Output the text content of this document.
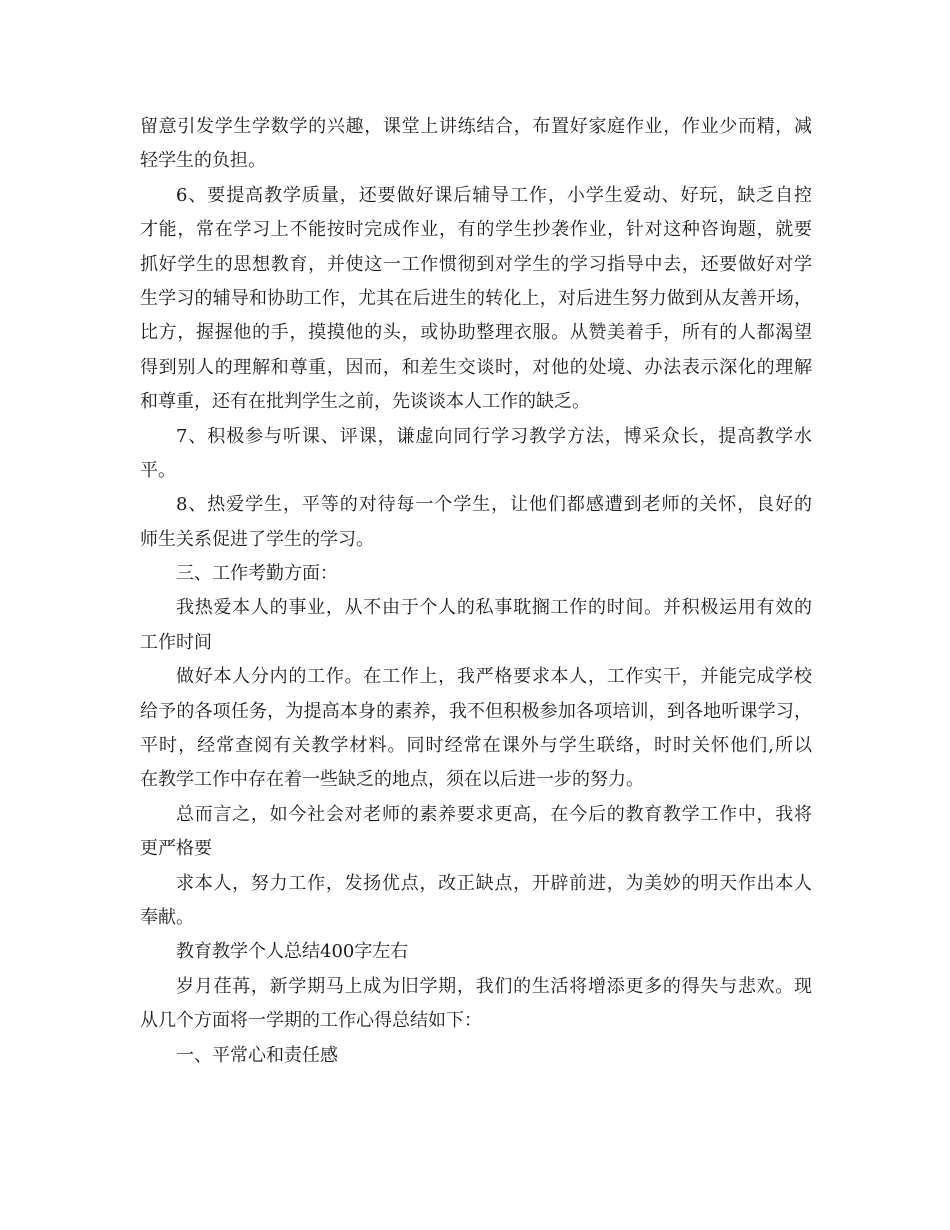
留意引发学生学数学的兴趣，课堂上讲练结合，布置好家庭作业，作业少而精，减
轻学生的负担。
6、要提高教学质量，还要做好课后辅导工作，小学生爱动、好玩，缺乏自控
才能，常在学习上不能按时完成作业，有的学生抄袭作业，针对这种咨询题，就要
抓好学生的思想教育，并使这一工作惯彻到对学生的学习指导中去，还要做好对学
生学习的辅导和协助工作，尤其在后进生的转化上，对后进生努力做到从友善开场，
比方，握握他的手，摸摸他的头，或协助整理衣服。从赞美着手，所有的人都渴望
得到别人的理解和尊重，因而，和差生交谈时，对他的处境、办法表示深化的理解
和尊重，还有在批判学生之前，先谈谈本人工作的缺乏。
7、积极参与听课、评课，谦虚向同行学习教学方法，博采众长，提高教学水
平。
8、热爱学生，平等的对待每一个学生，让他们都感遭到老师的关怀，良好的
师生关系促进了学生的学习。
三、工作考勤方面：
我热爱本人的事业，从不由于个人的私事耽搁工作的时间。并积极运用有效的
工作时间
做好本人分内的工作。在工作上，我严格要求本人，工作实干，并能完成学校
给予的各项任务，为提高本身的素养，我不但积极参加各项培训，到各地听课学习，
平时，经常查阅有关教学材料。同时经常在课外与学生联络，时时关怀他们,所以
在教学工作中存在着一些缺乏的地点，须在以后进一步的努力。
总而言之，如今社会对老师的素养要求更高，在今后的教育教学工作中，我将
更严格要
求本人，努力工作，发扬优点，改正缺点，开辟前进，为美妙的明天作出本人
奉献。
教育教学个人总结400字左右
岁月荏苒，新学期马上成为旧学期，我们的生活将增添更多的得失与悲欢。现
从几个方面将一学期的工作心得总结如下：
一、平常心和责任感
